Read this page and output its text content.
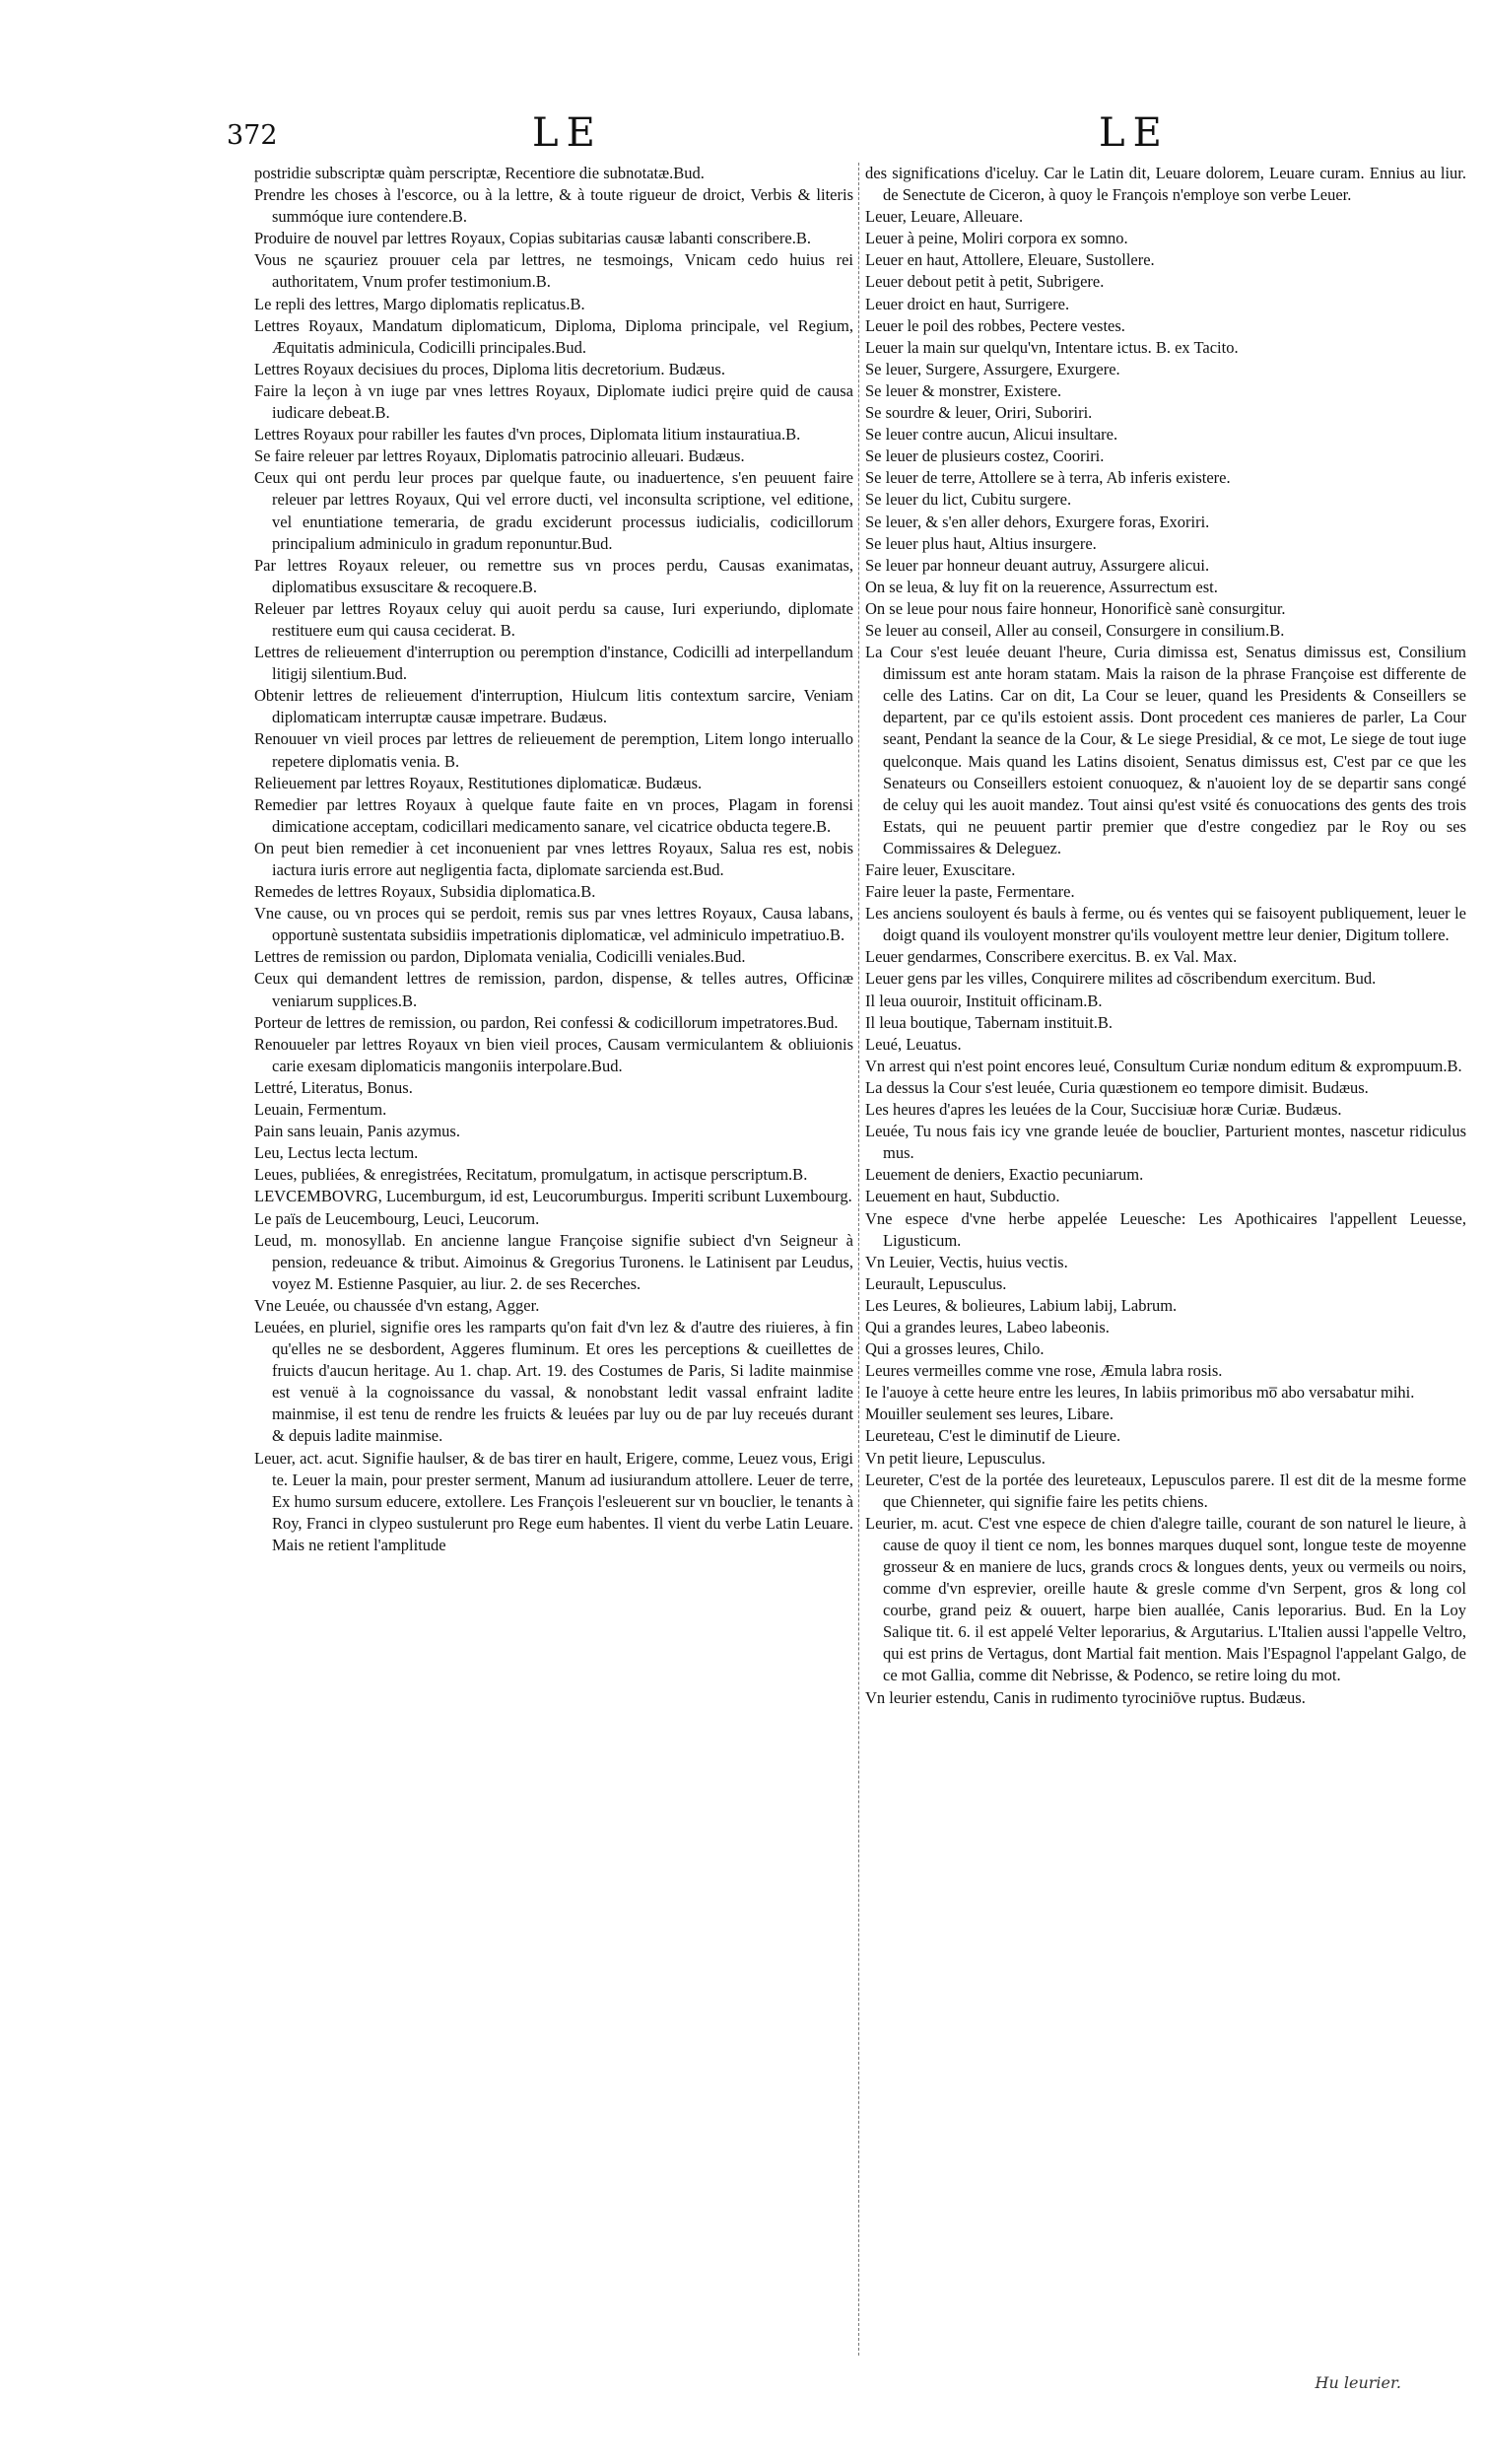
372	LE	LE

postridie subscriptæ quàm perscriptæ, Recentiore die subnotatæ.Bud.

Prendre les choses à l'escorce, ou à la lettre, & à toute rigueur de droict, Verbis & literis summóque iure contendere.B.

Produire de nouvel par lettres Royaux, Copias subitarias causæ labanti conscribere.B.

Vous ne sçauriez prouuer cela par lettres, ne tesmoings, Vnicam cedo huius rei authoritatem, Vnum profer testimonium.B.

Le repli des lettres, Margo diplomatis replicatus.B.

Lettres Royaux, Mandatum diplomaticum, Diploma, Diploma principale, vel Regium, Æquitatis adminicula, Codicilli principales.Bud.

Lettres Royaux decisiues du proces, Diploma litis decretorium. Budæus.

Faire la leçon à vn iuge par vnes lettres Royaux, Diplomate iudici pręire quid de causa iudicare debeat.B.

Lettres Royaux pour rabiller les fautes d'vn proces, Diplomata litium instauratiua.B.

Se faire releuer par lettres Royaux, Diplomatis patrocinio alleuari. Budæus.

Ceux qui ont perdu leur proces par quelque faute, ou inaduertence, s'en peuuent faire releuer par lettres Royaux, Qui vel errore ducti, vel inconsulta scriptione, vel editione, vel enuntiatione temeraria, de gradu exciderunt processus iudicialis, codicillorum principalium adminiculo in gradum reponuntur.Bud.

Par lettres Royaux releuer, ou remettre sus vn proces perdu, Causas exanimatas, diplomatibus exsuscitare & recoquere.B.

Releuer par lettres Royaux celuy qui auoit perdu sa cause, Iuri experiundo, diplomate restituere eum qui causa ceciderat. B.

Lettres de relieuement d'interruption ou peremption d'instance, Codicilli ad interpellandum litigij silentium.Bud.

Obtenir lettres de relieuement d'interruption, Hiulcum litis contextum sarcire, Veniam diplomaticam interruptæ causæ impetrare. Budæus.

Renouuer vn vieil proces par lettres de relieuement de peremption, Litem longo interuallo repetere diplomatis venia. B.

Relieuement par lettres Royaux, Restitutiones diplomaticæ. Budæus.

Remedier par lettres Royaux à quelque faute faite en vn proces, Plagam in forensi dimicatione acceptam, codicillari medicamento sanare, vel cicatrice obducta tegere.B.

On peut bien remedier à cet inconuenient par vnes lettres Royaux, Salua res est, nobis iactura iuris errore aut negligentia facta, diplomate sarcienda est.Bud.

Remedes de lettres Royaux, Subsidia diplomatica.B.

Vne cause, ou vn proces qui se perdoit, remis sus par vnes lettres Royaux, Causa labans, opportunè sustentata subsidiis impetrationis diplomaticæ, vel adminiculo impetratiuo.B.

Lettres de remission ou pardon, Diplomata venialia, Codicilli veniales.Bud.

Ceux qui demandent lettres de remission, pardon, dispense, & telles autres, Officinæ veniarum supplices.B.

Porteur de lettres de remission, ou pardon, Rei confessi & codicillorum impetratores.Bud.

Renouueler par lettres Royaux vn bien vieil proces, Causam vermiculantem & obliuionis carie exesam diplomaticis mangoniis interpolare.Bud.

Lettré, Literatus, Bonus.

Leuain, Fermentum.

Pain sans leuain, Panis azymus.

Leu, Lectus lecta lectum.

Leues, publiées, & enregistrées, Recitatum, promulgatum, in actisque perscriptum.B.

LEVCEMBOVRG, Lucemburgum, id est, Leucorumburgus. Imperiti scribunt Luxembourg.

Le païs de Leucembourg, Leuci, Leucorum.

Leud, m. monosyllab. En ancienne langue Françoise signifie subiect d'vn Seigneur à pension, redeuance & tribut. Aimoinus & Gregorius Turonens. le Latinisent par Leudus, voyez M. Estienne Pasquier, au liur. 2. de ses Recerches.

Vne Leuée, ou chaussée d'vn estang, Agger.

Leuées, en pluriel, signifie ores les ramparts qu'on fait d'vn lez & d'autre des riuieres, à fin qu'elles ne se desbordent, Aggeres fluminum. Et ores les perceptions & cueillettes de fruicts d'aucun heritage. Au 1. chap. Art. 19. des Costumes de Paris, Si ladite mainmise est venuë à la cognoissance du vassal, & nonobstant ledit vassal enfraint ladite mainmise, il est tenu de rendre les fruicts & leuées par luy ou de par luy receués durant & depuis ladite mainmise.

Leuer, act. acut. Signifie haulser, & de bas tirer en hault, Erigere, comme, Leuez vous, Erigi te. Leuer la main, pour prester serment, Manum ad iusiurandum attollere. Leuer de terre, Ex humo sursum educere, extollere. Les François l'esleuerent sur vn bouclier, le tenants à Roy, Franci in clypeo sustulerunt pro Rege eum habentes. Il vient du verbe Latin Leuare. Mais ne retient l'amplitude

des significations d'iceluy. Car le Latin dit, Leuare dolorem, Leuare curam. Ennius au liur. de Senectute de Ciceron, à quoy le François n'employe son verbe Leuer.

Leuer, Leuare, Alleuare.

Leuer à peine, Moliri corpora ex somno.

Leuer en haut, Attollere, Eleuare, Sustollere.

Leuer debout petit à petit, Subrigere.

Leuer droict en haut, Surrigere.

Leuer le poil des robbes, Pectere vestes.

Leuer la main sur quelqu'vn, Intentare ictus. B. ex Tacito.

Se leuer, Surgere, Assurgere, Exurgere.

Se leuer & monstrer, Existere.

Se sourdre & leuer, Oriri, Suboriri.

Se leuer contre aucun, Alicui insultare.

Se leuer de plusieurs costez, Cooriri.

Se leuer de terre, Attollere se à terra, Ab inferis existere.

Se leuer du lict, Cubitu surgere.

Se leuer, & s'en aller dehors, Exurgere foras, Exoriri.

Se leuer plus haut, Altius insurgere.

Se leuer par honneur deuant autruy, Assurgere alicui.

On se leua, & luy fit on la reuerence, Assurrectum est.

On se leue pour nous faire honneur, Honorificè sanè consurgitur.

Se leuer au conseil, Aller au conseil, Consurgere in consilium.B.

La Cour s'est leuée deuant l'heure, Curia dimissa est, Senatus dimissus est, Consilium dimissum est ante horam statam. Mais la raison de la phrase Françoise est differente de celle des Latins. Car on dit, La Cour se leuer, quand les Presidents & Conseillers se departent, par ce qu'ils estoient assis. Dont procedent ces manieres de parler, La Cour seant, Pendant la seance de la Cour, & Le siege Presidial, & ce mot, Le siege de tout iuge quelconque. Mais quand les Latins disoient, Senatus dimissus est, C'est par ce que les Senateurs ou Conseillers estoient conuoquez, & n'auoient loy de se departir sans congé de celuy qui les auoit mandez. Tout ainsi qu'est vsité és conuocations des gents des trois Estats, qui ne peuuent partir premier que d'estre congediez par le Roy ou ses Commissaires & Deleguez.

Faire leuer, Exuscitare.

Faire leuer la paste, Fermentare.

Les anciens souloyent és bauls à ferme, ou és ventes qui se faisoyent publiquement, leuer le doigt quand ils vouloyent monstrer qu'ils vouloyent mettre leur denier, Digitum tollere.

Leuer gendarmes, Conscribere exercitus. B. ex Val. Max.

Leuer gens par les villes, Conquirere milites ad cōscribendum exercitum. Bud.

Il leua ouuroir, Instituit officinam.B.

Il leua boutique, Tabernam instituit.B.

Leué, Leuatus.

Vn arrest qui n'est point encores leué, Consultum Curiæ nondum editum & exprompuum.B.

La dessus la Cour s'est leuée, Curia quæstionem eo tempore dimisit. Budæus.

Les heures d'apres les leuées de la Cour, Succisiuæ horæ Curiæ. Budæus.

Leuée, Tu nous fais icy vne grande leuée de bouclier, Parturient montes, nascetur ridiculus mus.

Leuement de deniers, Exactio pecuniarum.

Leuement en haut, Subductio.

Vne espece d'vne herbe appelée Leuesche: Les Apothicaires l'appellent Leuesse, Ligusticum.

Vn Leuier, Vectis, huius vectis.

Leurault, Lepusculus.

Les Leures, & bolieures, Labium labij, Labrum.

Qui a grandes leures, Labeo labeonis.

Qui a grosses leures, Chilo.

Leures vermeilles comme vne rose, Æmula labra rosis.

Ie l'auoye à cette heure entre les leures, In labiis primoribus mo̅ abo versabatur mihi.

Mouiller seulement ses leures, Libare.

Leureteau, C'est le diminutif de Lieure.

Vn petit lieure, Lepusculus.

Leureter, C'est de la portée des leureteaux, Lepusculos parere. Il est dit de la mesme forme que Chienneter, qui signifie faire les petits chiens.

Leurier, m. acut. C'est vne espece de chien d'alegre taille, courant de son naturel le lieure, à cause de quoy il tient ce nom, les bonnes marques duquel sont, longue teste de moyenne grosseur & en maniere de lucs, grands crocs & longues dents, yeux ou vermeils ou noirs, comme d'vn esprevier, oreille haute & gresle comme d'vn Serpent, gros & long col courbe, grand peiz & ouuert, harpe bien auallée, Canis leporarius. Bud. En la Loy Salique tit. 6. il est appelé Velter leporarius, & Argutarius. L'Italien aussi l'appelle Veltro, qui est prins de Vertagus, dont Martial fait mention. Mais l'Espagnol l'appelant Galgo, de ce mot Gallia, comme dit Nebrisse, & Podenco, se retire loing du mot.

Vn leurier estendu, Canis in rudimento tyrociniōve ruptus. Budæus.

Hu leurier.
